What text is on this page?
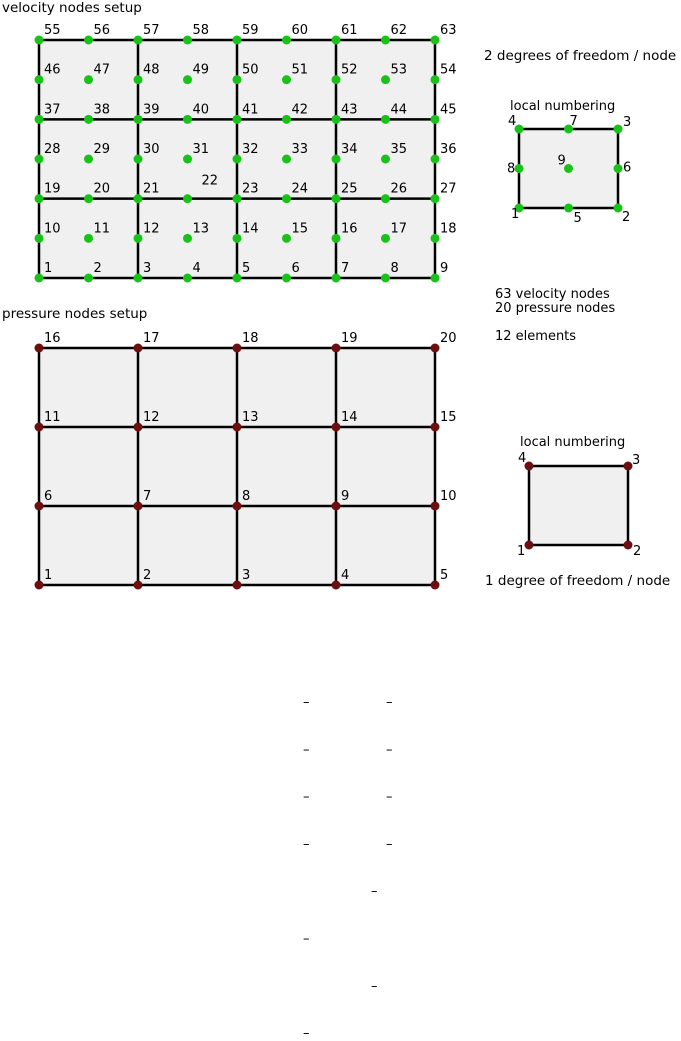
velocity nodes setup
2 degrees of freedom / node
local numbering
pressure nodes setup
63 velocity nodes
20 pressure nodes
12 elements
local numbering
1 degree of freedom / node
1	2	3	4	5	6	7	8	9
10	11	12	13	14	15	16	17	18
19	20	21
22
23	24	25	26	27
28	29	30	31	32	33	34	35	36
37	38	39	40	41	42	43	44	45
46	47	48	49	50	51	52	53	54
55	56	57	58	59	60	61	62	63
1	2
3
4
5
6
7
8
9
1	2	3	4	5
6	7	8	9	10
11	12	13	14	15
16	17	18	19	20
1	2
3
4
–	–
–	–
–	–
–	–
–
–
–
–
